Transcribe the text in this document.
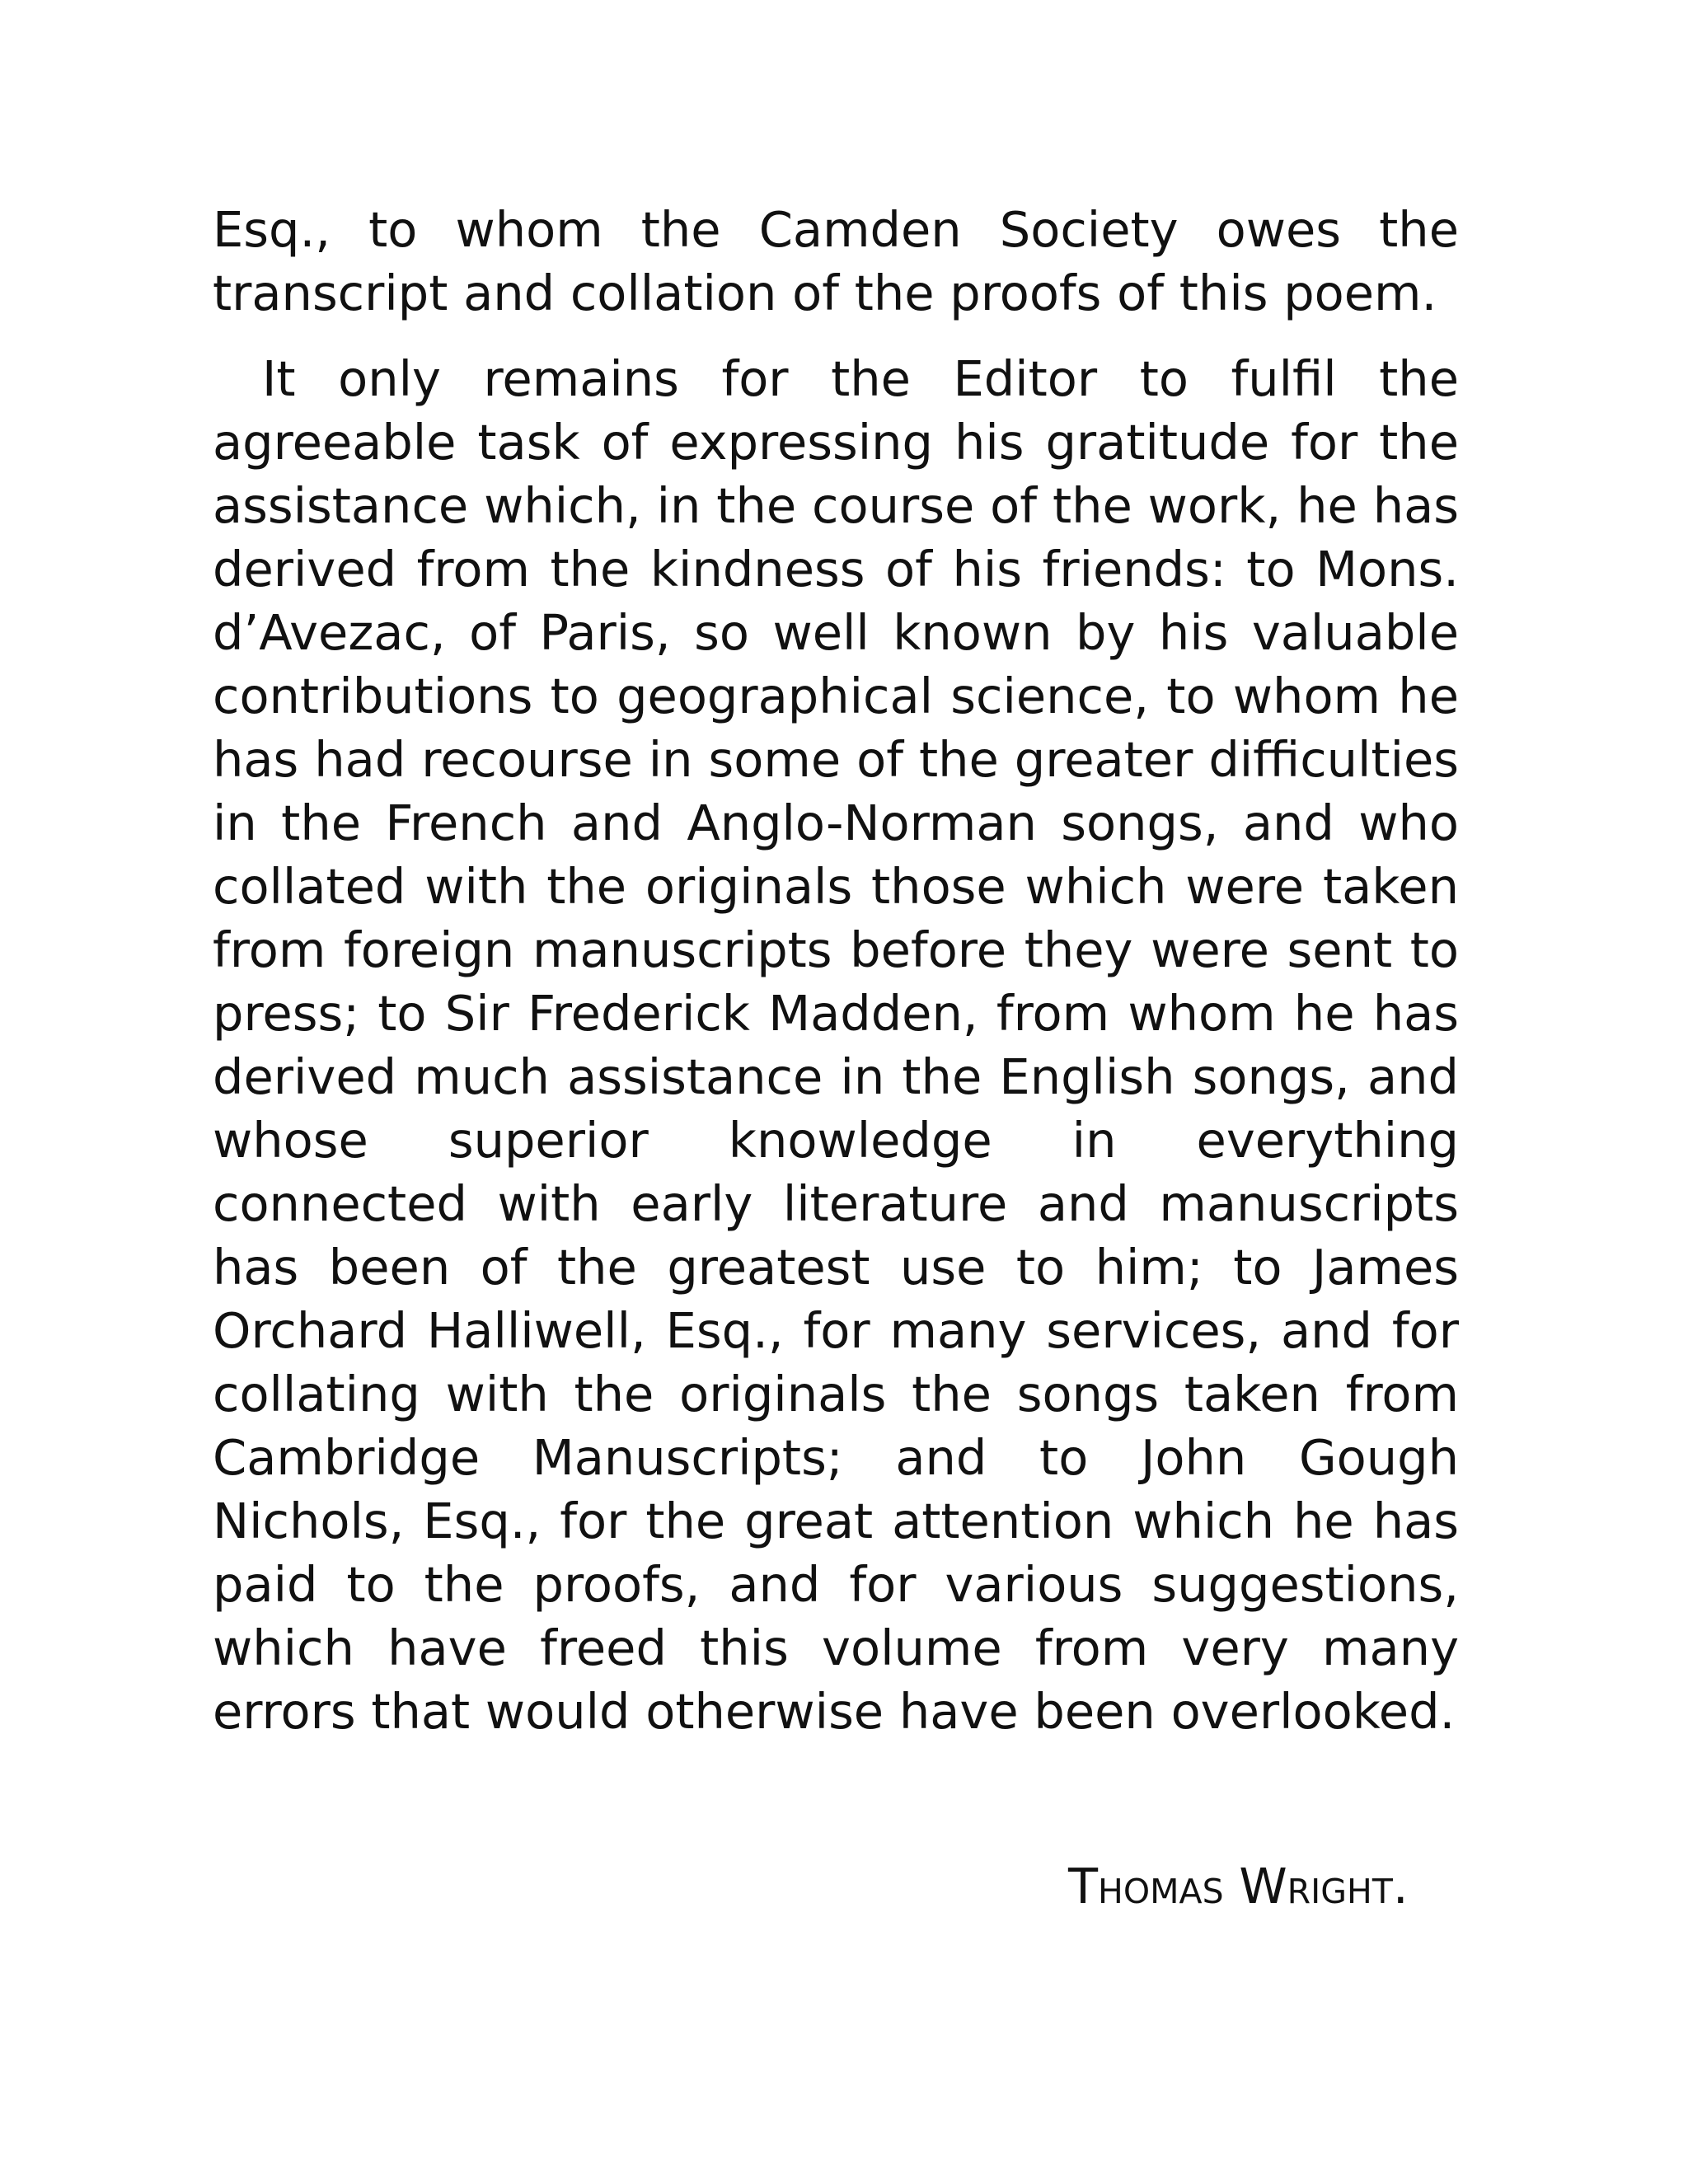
Esq., to whom the Camden Society owes the transcript and collation of the proofs of this poem.

It only remains for the Editor to fulfil the agreeable task of expressing his gratitude for the assistance which, in the course of the work, he has derived from the kindness of his friends: to Mons. d’Avezac, of Paris, so well known by his valuable contributions to geographical science, to whom he has had recourse in some of the greater difficulties in the French and Anglo-Norman songs, and who collated with the originals those which were taken from foreign manuscripts before they were sent to press; to Sir Frederick Madden, from whom he has derived much assistance in the English songs, and whose superior knowledge in everything connected with early literature and manuscripts has been of the greatest use to him; to James Orchard Halliwell, Esq., for many services, and for collating with the originals the songs taken from Cambridge Manuscripts; and to John Gough Nichols, Esq., for the great attention which he has paid to the proofs, and for various suggestions, which have freed this volume from very many errors that would otherwise have been overlooked.

Thomas Wright.
